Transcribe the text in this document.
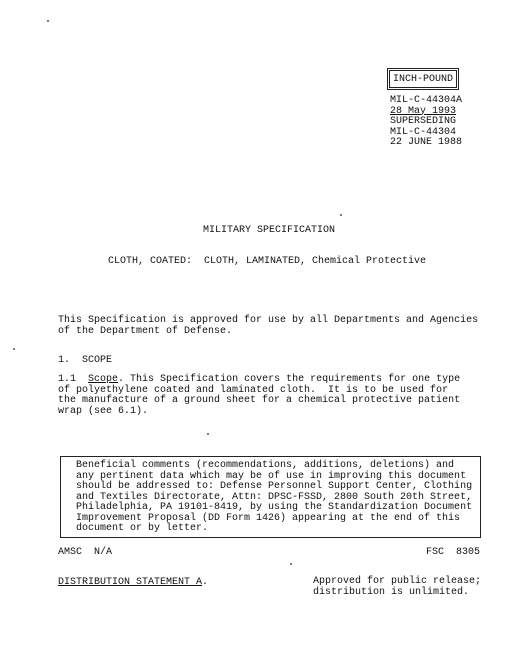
INCH-POUND
MIL-C-44304A
28 May 1993
SUPERSEDING
MIL-C-44304
22 JUNE 1988
MILITARY SPECIFICATION
CLOTH, COATED:  CLOTH, LAMINATED, Chemical Protective
This Specification is approved for use by all Departments and Agencies
of the Department of Defense.
1.  SCOPE
1.1 Scope. This Specification covers the requirements for one type
of polyethylene coated and laminated cloth.  It is to be used for
the manufacture of a ground sheet for a chemical protective patient
wrap (see 6.1).
Beneficial comments (recommendations, additions, deletions) and
any pertinent data which may be of use in improving this document
should be addressed to: Defense Personnel Support Center, Clothing
and Textiles Directorate, Attn: DPSC-FSSD, 2800 South 20th Street,
Philadelphia, PA 19101-8419, by using the Standardization Document
Improvement Proposal (DD Form 1426) appearing at the end of this
document or by letter.
AMSC  N/A	FSC  8305
DISTRIBUTION STATEMENT A.	Approved for public release;
distribution is unlimited.
